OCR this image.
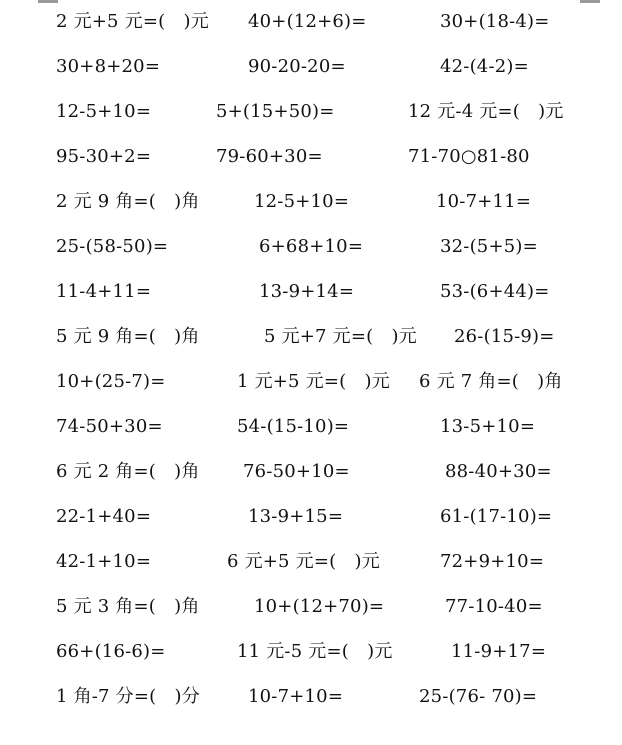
2 元+5 元=(　)元 40+(12+6)=	30+(18-4)=
30+8+20=	90-20-20=	42-(4-2)=
12-5+10=	5+(15+50)=	12 元-4 元=(　)元
95-30+2=	79-60+30=	71-70○81-80
2 元 9 角=(　)角	12-5+10=	10-7+11=
25-(58-50)=	6+68+10=	32-(5+5)=
11-4+11=	13-9+14=	53-(6+44)=
5 元 9 角=(　)角	5 元+7 元=(　)元 26-(15-9)=
10+(25-7)=	1 元+5 元=(　)元 6 元 7 角=(　)角
74-50+30=	54-(15-10)=	13-5+10=
6 元 2 角=(　)角 76-50+10=	88-40+30=
22-1+40=	13-9+15=	61-(17-10)=
42-1+10=	6 元+5 元=(　)元	72+9+10=
5 元 3 角=(　)角	10+(12+70)=	77-10-40=
66+(16-6)=	11 元-5 元=(　)元	11-9+17=
1 角-7 分=(　)分	10-7+10=	25-(76- 70)=
